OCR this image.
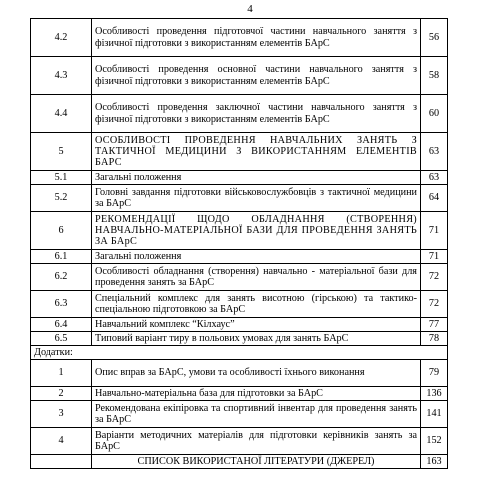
4
4.2	Особливості проведення підготовчої частини навчального заняття з фізичної підготовки з використанням елементів БАрС	56
4.3	Особливості проведення основної частини навчального заняття з фізичної підготовки з використанням елементів БАрС	58
4.4	Особливості проведення заключної частини навчального заняття з фізичної підготовки з використанням елементів БАрС	60
5	ОСОБЛИВОСТІ ПРОВЕДЕННЯ НАВЧАЛЬНИХ ЗАНЯТЬ З ТАКТИЧНОЇ МЕДИЦИНИ З ВИКОРИСТАННЯМ ЕЛЕМЕНТІВ БАРС	63
5.1	Загальні положення	63
5.2	Головні завдання підготовки військовослужбовців з тактичної медицини за БАрС	64
6	РЕКОМЕНДАЦІЇ ЩОДО ОБЛАДНАННЯ (СТВОРЕННЯ) НАВЧАЛЬНО-МАТЕРІАЛЬНОЇ БАЗИ ДЛЯ ПРОВЕДЕННЯ ЗАНЯТЬ ЗА БАрС	71
6.1	Загальні положення	71
6.2	Особливості обладнання (створення) навчально - матеріальної бази для проведення занять за БАрС	72
6.3	Спеціальний комплекс для занять висотною (гірською) та тактико-спеціальною підготовкою за БАрС	72
6.4	Навчальний комплекс “Кілхаус”	77
6.5	Типовий варіант тиру в польових умовах для занять БАрС	78
Додатки:		
1	Опис вправ за БАрС, умови та особливості їхнього виконання	79
2	Навчально-матеріальна база для підготовки за БАрС	136
3	Рекомендована екіпіровка та спортивний інвентар для проведення занять за БАрС	141
4	Варіанти методичних матеріалів для підготовки керівників занять за БАрС	152
	СПИСОК ВИКОРИСТАНОЇ ЛІТЕРАТУРИ (ДЖЕРЕЛ)	163
